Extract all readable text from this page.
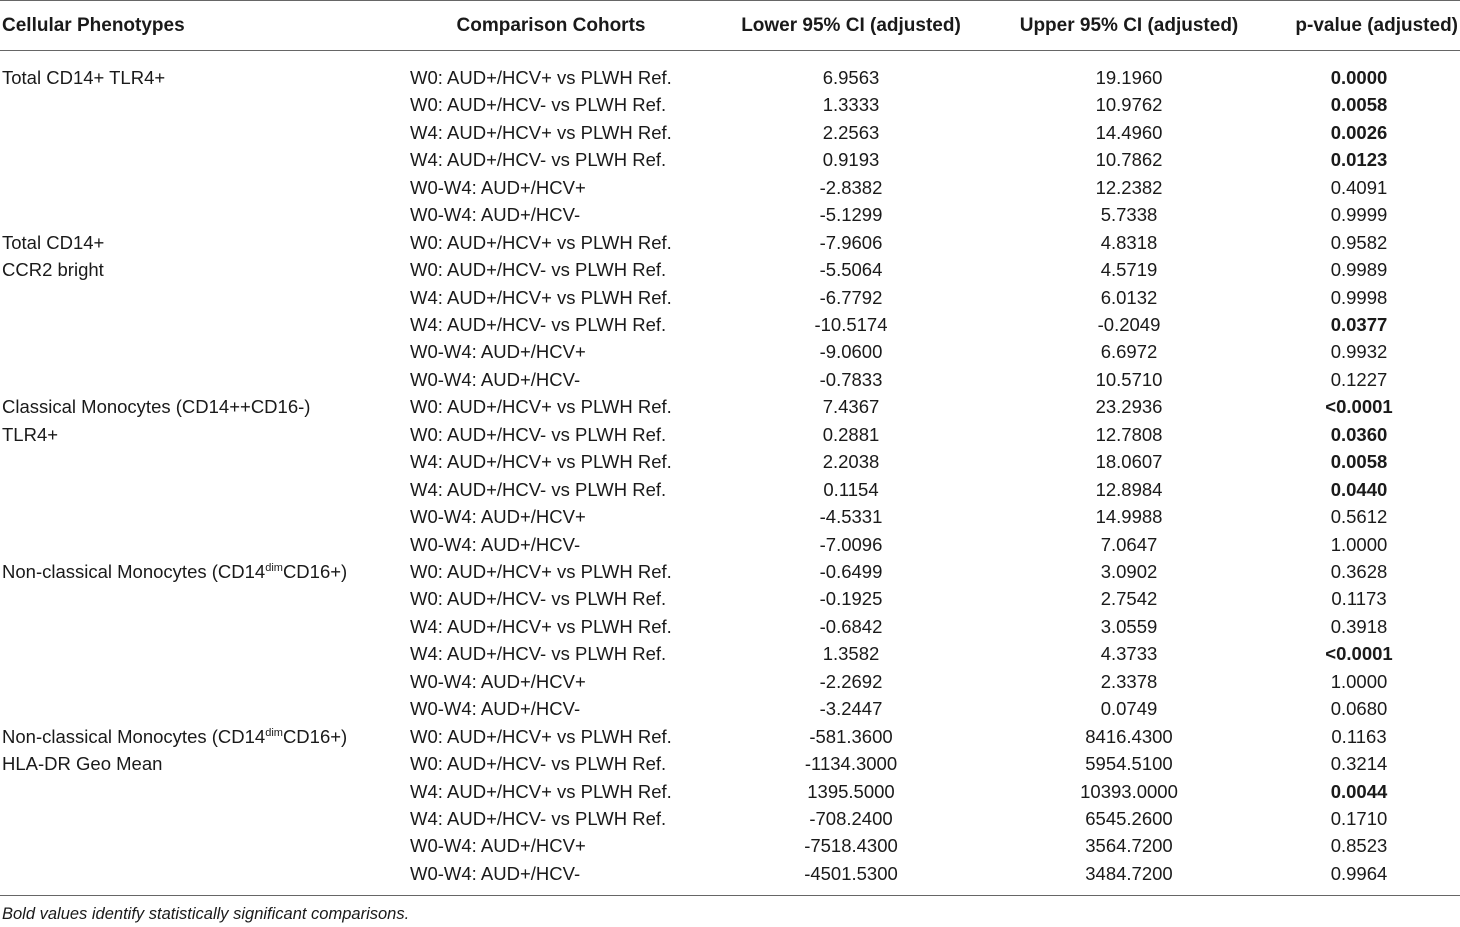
Cellular Phenotypes	Comparison Cohorts	Lower 95% CI (adjusted)	Upper 95% CI (adjusted)	p-value (adjusted)

Total CD14+ TLR4+	W0: AUD+/HCV+ vs PLWH Ref.	6.9563	19.1960	0.0000
	W0: AUD+/HCV- vs PLWH Ref.	1.3333	10.9762	0.0058
	W4: AUD+/HCV+ vs PLWH Ref.	2.2563	14.4960	0.0026
	W4: AUD+/HCV- vs PLWH Ref.	0.9193	10.7862	0.0123
	W0-W4: AUD+/HCV+	-2.8382	12.2382	0.4091
	W0-W4: AUD+/HCV-	-5.1299	5.7338	0.9999

Total CD14+	W0: AUD+/HCV+ vs PLWH Ref.	-7.9606	4.8318	0.9582

CCR2 bright	W0: AUD+/HCV- vs PLWH Ref.	-5.5064	4.5719	0.9989
	W4: AUD+/HCV+ vs PLWH Ref.	-6.7792	6.0132	0.9998
	W4: AUD+/HCV- vs PLWH Ref.	-10.5174	-0.2049	0.0377
	W0-W4: AUD+/HCV+	-9.0600	6.6972	0.9932
	W0-W4: AUD+/HCV-	-0.7833	10.5710	0.1227

Classical Monocytes (CD14++CD16-)	W0: AUD+/HCV+ vs PLWH Ref.	7.4367	23.2936	<0.0001

TLR4+	W0: AUD+/HCV- vs PLWH Ref.	0.2881	12.7808	0.0360
	W4: AUD+/HCV+ vs PLWH Ref.	2.2038	18.0607	0.0058
	W4: AUD+/HCV- vs PLWH Ref.	0.1154	12.8984	0.0440
	W0-W4: AUD+/HCV+	-4.5331	14.9988	0.5612
	W0-W4: AUD+/HCV-	-7.0096	7.0647	1.0000

Non-classical Monocytes $(CD14^{dim}CD16+)$	W0: AUD+/HCV+ vs PLWH Ref.	-0.6499	3.0902	0.3628
	W0: AUD+/HCV- vs PLWH Ref.	-0.1925	2.7542	0.1173
	W4: AUD+/HCV+ vs PLWH Ref.	-0.6842	3.0559	0.3918
	W4: AUD+/HCV- vs PLWH Ref.	1.3582	4.3733	<0.0001
	W0-W4: AUD+/HCV+	-2.2692	2.3378	1.0000
	W0-W4: AUD+/HCV-	-3.2447	0.0749	0.0680

Non-classical Monocytes $(CD14^{dim}CD16+)$	W0: AUD+/HCV+ vs PLWH Ref.	-581.3600	8416.4300	0.1163

HLA-DR Geo Mean	W0: AUD+/HCV- vs PLWH Ref.	-1134.3000	5954.5100	0.3214
	W4: AUD+/HCV+ vs PLWH Ref.	1395.5000	10393.0000	0.0044
	W4: AUD+/HCV- vs PLWH Ref.	-708.2400	6545.2600	0.1710
	W0-W4: AUD+/HCV+	-7518.4300	3564.7200	0.8523
	W0-W4: AUD+/HCV-	-4501.5300	3484.7200	0.9964
Bold values identify statistically significant comparisons.
